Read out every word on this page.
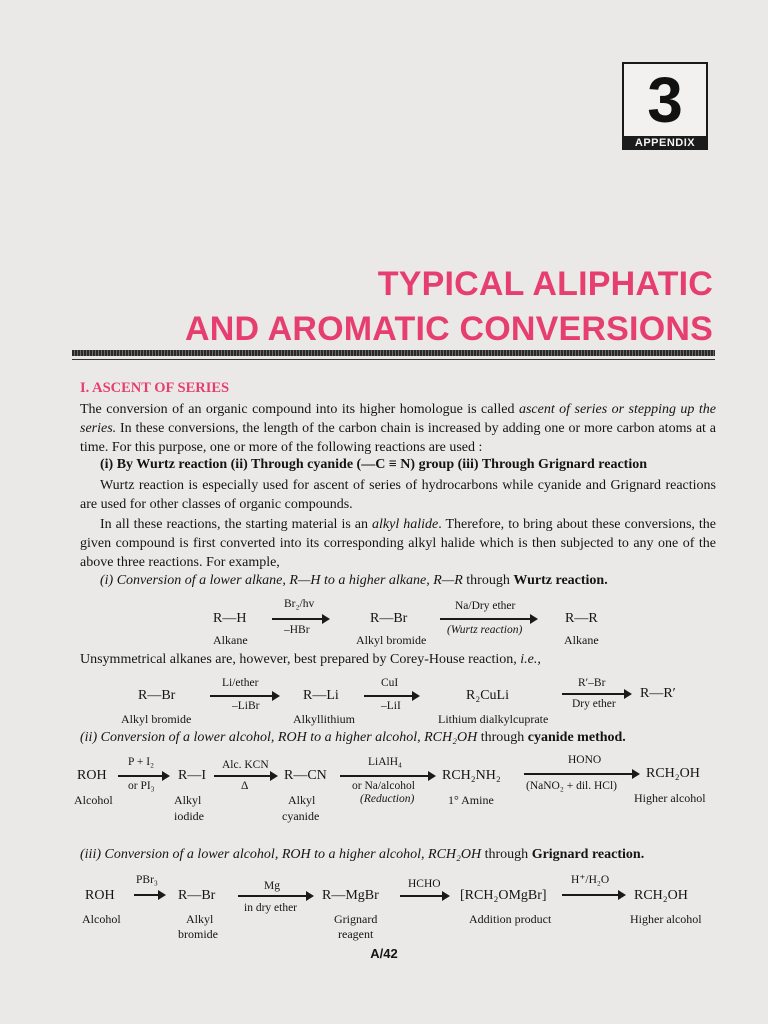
3
APPENDIX
TYPICAL ALIPHATIC
AND AROMATIC CONVERSIONS
I. ASCENT OF SERIES
The conversion of an organic compound into its higher homologue is called ascent of series or stepping up the series. In these conversions, the length of the carbon chain is increased by adding one or more carbon atoms at a time. For this purpose, one or more of the following reactions are used :
(i) By Wurtz reaction (ii) Through cyanide (—C ≡ N) group (iii) Through Grignard reaction
Wurtz reaction is especially used for ascent of series of hydrocarbons while cyanide and Grignard reactions are used for other classes of organic compounds.
In all these reactions, the starting material is an alkyl halide. Therefore, to bring about these conversions, the given compound is first converted into its corresponding alkyl halide which is then subjected to any one of the above three reactions. For example,
(i) Conversion of a lower alkane, R—H to a higher alkane, R—R through Wurtz reaction.
R—H
Alkane
Br₂/hv
–HBr
R—Br
Alkyl bromide
Na/Dry ether
(Wurtz reaction)
R—R
Alkane
Unsymmetrical alkanes are, however, best prepared by Corey-House reaction, i.e.,
R—Br
Alkyl bromide
Li/ether
–LiBr
R—Li
Alkyllithium
CuI
–LiI
R₂CuLi
Lithium dialkylcuprate
R′–Br
Dry ether
R—R′
(ii) Conversion of a lower alcohol, ROH to a higher alcohol, RCH₂OH through cyanide method.
ROH
Alcohol
P + I₂
or PI₃
R—I
Alkyl
iodide
Alc. KCN
Δ
R—CN
Alkyl
cyanide
LiAlH₄
or Na/alcohol
(Reduction)
RCH₂NH₂
1° Amine
HONO
(NaNO₂ + dil. HCl)
RCH₂OH
Higher alcohol
(iii) Conversion of a lower alcohol, ROH to a higher alcohol, RCH₂OH through Grignard reaction.
ROH
Alcohol
PBr₃
R—Br
Alkyl
bromide
Mg
in dry ether
R—MgBr
Grignard
reagent
HCHO
[RCH₂OMgBr]
Addition product
H⁺/H₂O
RCH₂OH
Higher alcohol
A/42
